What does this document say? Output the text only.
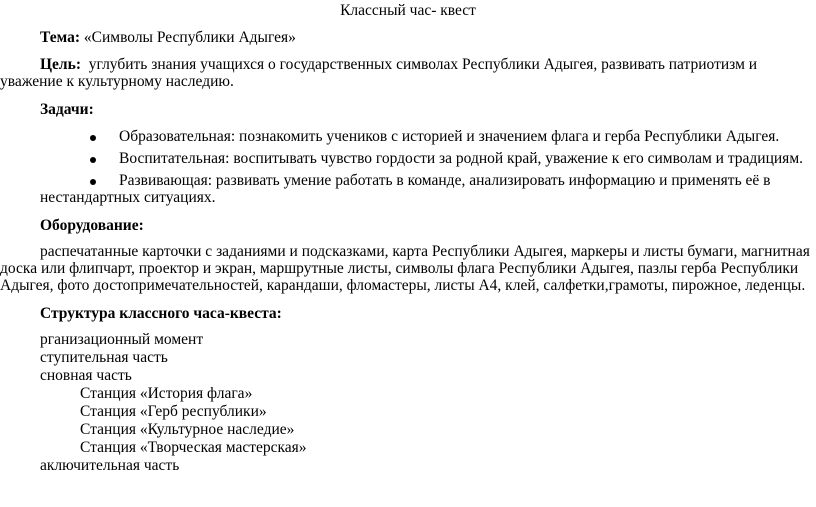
Классный час- квест
Тема: «Символы Республики Адыгея»
Цель: углубить знания учащихся о государственных символах Республики Адыгея, развивать патриотизм и
уважение к культурному наследию.
Задачи:
Образовательная: познакомить учеников с историей и значением флага и герба Республики Адыгея.
Воспитательная: воспитывать чувство гордости за родной край, уважение к его символам и традициям.
Развивающая: развивать умение работать в команде, анализировать информацию и применять её в
нестандартных ситуациях.
Оборудование:
распечатанные карточки с заданиями и подсказками, карта Республики Адыгея, маркеры и листы бумаги, магнитная
доска или флипчарт, проектор и экран, маршрутные листы, символы флага Республики Адыгея, пазлы герба Республики
Адыгея, фото достопримечательностей, карандаши, фломастеры, листы А4, клей, салфетки,грамоты, пирожное, леденцы.
Структура классного часа-квеста:
рганизационный момент
ступительная часть
сновная часть
Станция «История флага»
Станция «Герб республики»
Станция «Культурное наследие»
Станция «Творческая мастерская»
аключительная часть
